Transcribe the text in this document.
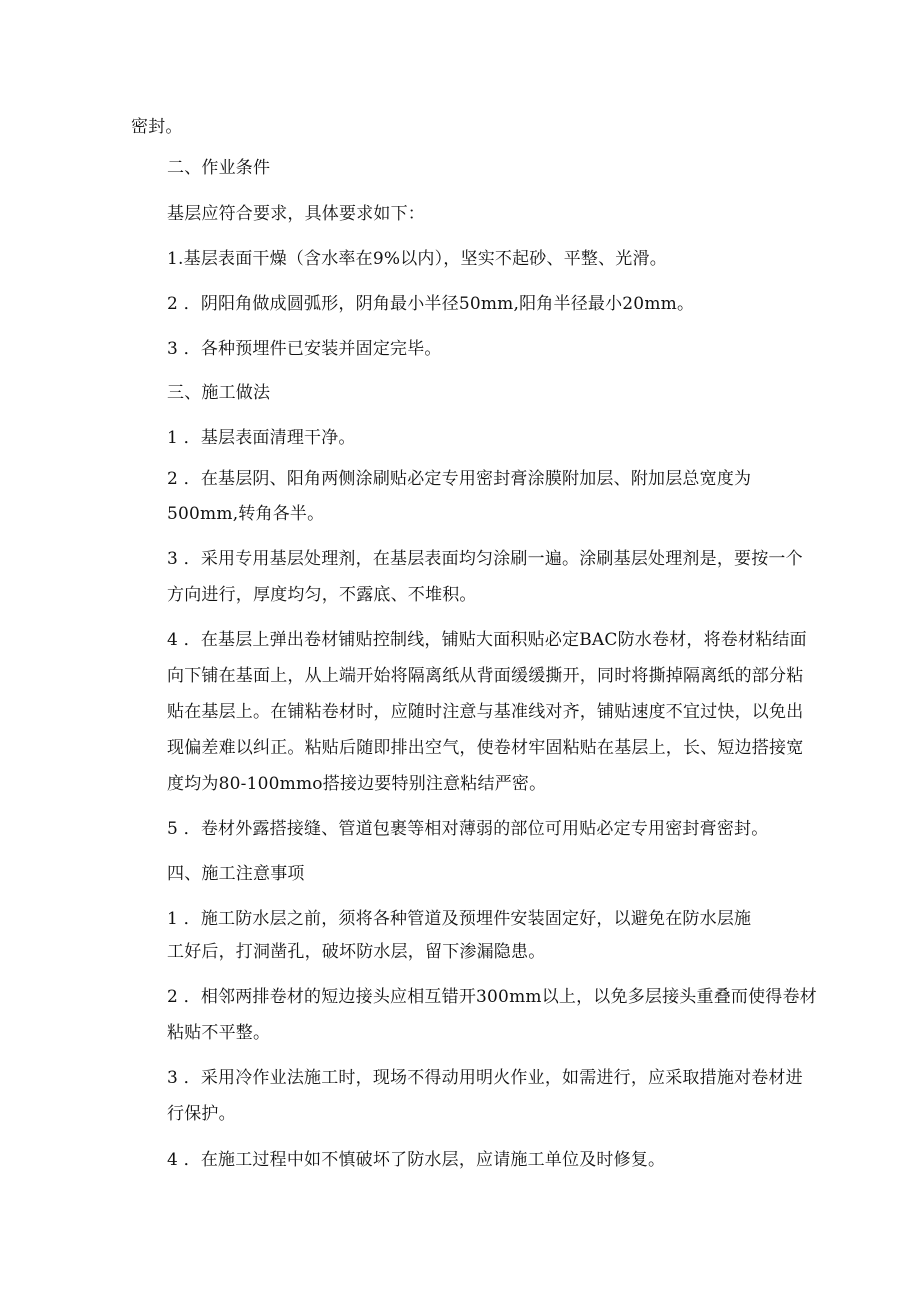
密封。

二、作业条件

基层应符合要求，具体要求如下：

1.基层表面干燥（含水率在9%以内），坚实不起砂、平整、光滑。

2 ．阴阳角做成圆弧形，阴角最小半径50mm,阳角半径最小20mm。

3 ．各种预埋件已安装并固定完毕。

三、施工做法

1 ．基层表面清理干净。

2 ．在基层阴、阳角两侧涂刷贴必定专用密封膏涂膜附加层、附加层总宽度为

500mm,转角各半。

3 ．采用专用基层处理剂，在基层表面均匀涂刷一遍。涂刷基层处理剂是，要按一个

方向进行，厚度均匀，不露底、不堆积。

4 ．在基层上弹出卷材铺贴控制线，铺贴大面积贴必定BAC防水卷材，将卷材粘结面

向下铺在基面上，从上端开始将隔离纸从背面缓缓撕开，同时将撕掉隔离纸的部分粘

贴在基层上。在铺粘卷材时，应随时注意与基准线对齐，铺贴速度不宜过快，以免出

现偏差难以纠正。粘贴后随即排出空气，使卷材牢固粘贴在基层上，长、短边搭接宽

度均为80-100mmo搭接边要特别注意粘结严密。

5 ．卷材外露搭接缝、管道包裹等相对薄弱的部位可用贴必定专用密封膏密封。

四、施工注意事项

1 ．施工防水层之前，须将各种管道及预埋件安装固定好，以避免在防水层施

工好后，打洞凿孔，破坏防水层，留下渗漏隐患。

2 ．相邻两排卷材的短边接头应相互错开300mm以上，以免多层接头重叠而使得卷材

粘贴不平整。

3 ．采用冷作业法施工时，现场不得动用明火作业，如需进行，应采取措施对卷材进

行保护。

4 ．在施工过程中如不慎破坏了防水层，应请施工单位及时修复。
